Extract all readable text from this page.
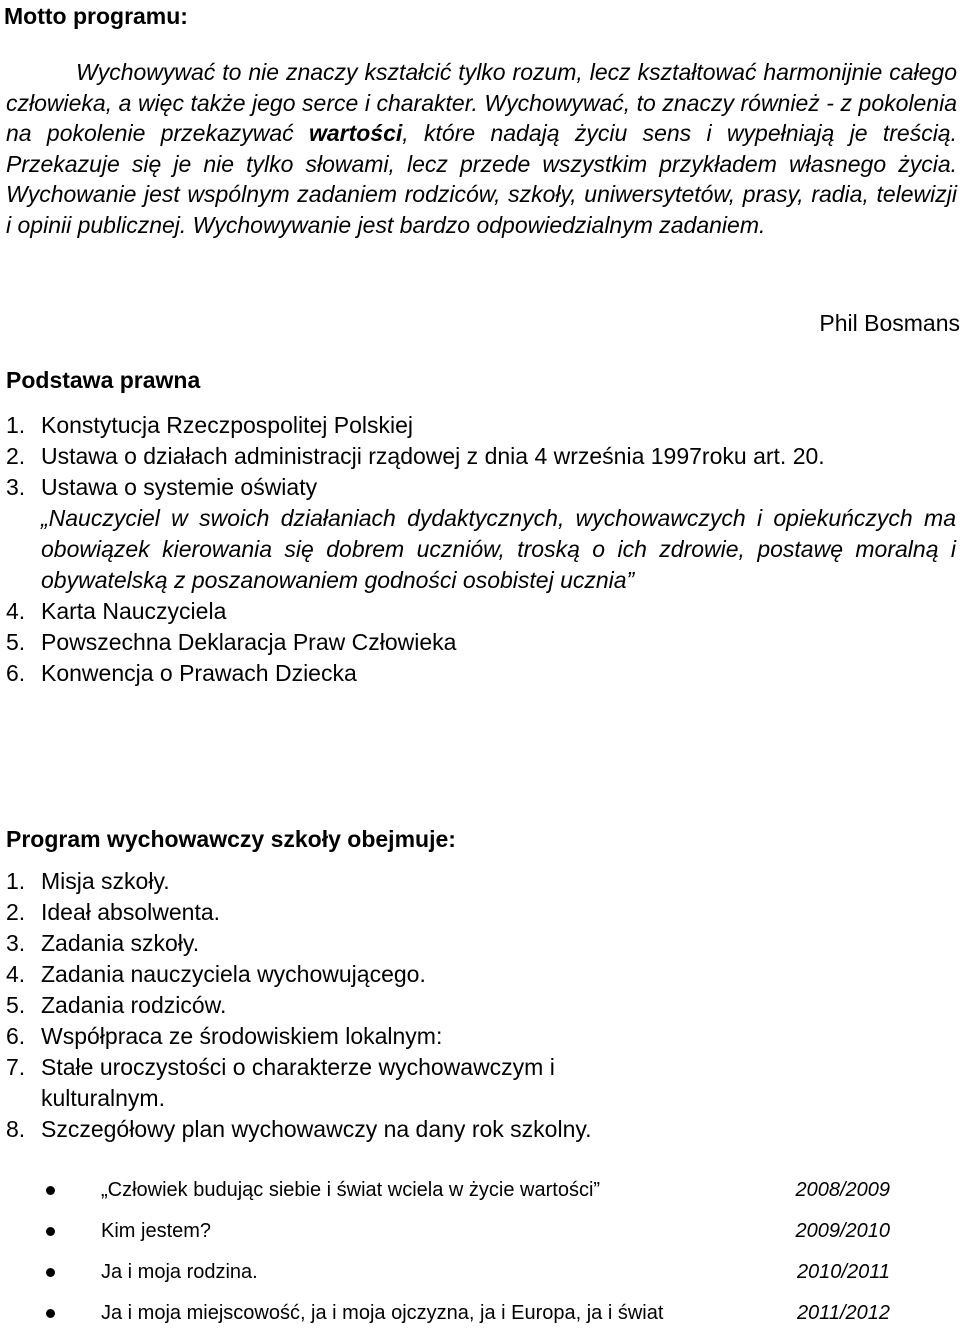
Motto programu:

Wychowywać to nie znaczy kształcić tylko rozum, lecz kształtować harmonijnie całego człowieka, a więc także jego serce i charakter. Wychowywać, to znaczy również - z pokolenia na pokolenie przekazywać wartości, które nadają życiu sens i wypełniają je treścią. Przekazuje się je nie tylko słowami, lecz przede wszystkim przykładem własnego życia. Wychowanie jest wspólnym zadaniem rodziców, szkoły, uniwersytetów, prasy, radia, telewizji i opinii publicznej. Wychowywanie jest bardzo odpowiedzialnym zadaniem.

Phil Bosmans

Podstawa prawna
1. Konstytucja Rzeczpospolitej Polskiej
2. Ustawa o działach administracji rządowej z dnia 4 września 1997roku art. 20.
3. Ustawa o systemie oświaty

„Nauczyciel w swoich działaniach dydaktycznych, wychowawczych i opiekuńczych ma obowiązek kierowania się dobrem uczniów, troską o ich zdrowie, postawę moralną i obywatelską z poszanowaniem godności osobistej ucznia”

4. Karta Nauczyciela
5. Powszechna Deklaracja Praw Człowieka
6. Konwencja o Prawach Dziecka
Program wychowawczy szkoły obejmuje:
1. Misja szkoły.
2. Ideał absolwenta.
3. Zadania szkoły.
4. Zadania nauczyciela wychowującego.
5. Zadania rodziców.
6. Współpraca ze środowiskiem lokalnym:
7. Stałe uroczystości o charakterze wychowawczym i kulturalnym.
8. Szczegółowy plan wychowawczy na dany rok szkolny.
„Człowiek budując siebie i świat wciela w życie wartości”	2008/2009
Kim jestem?	2009/2010
Ja i moja rodzina.	2010/2011
Ja i moja miejscowość, ja i moja ojczyzna, ja i Europa, ja i świat	2011/2012
